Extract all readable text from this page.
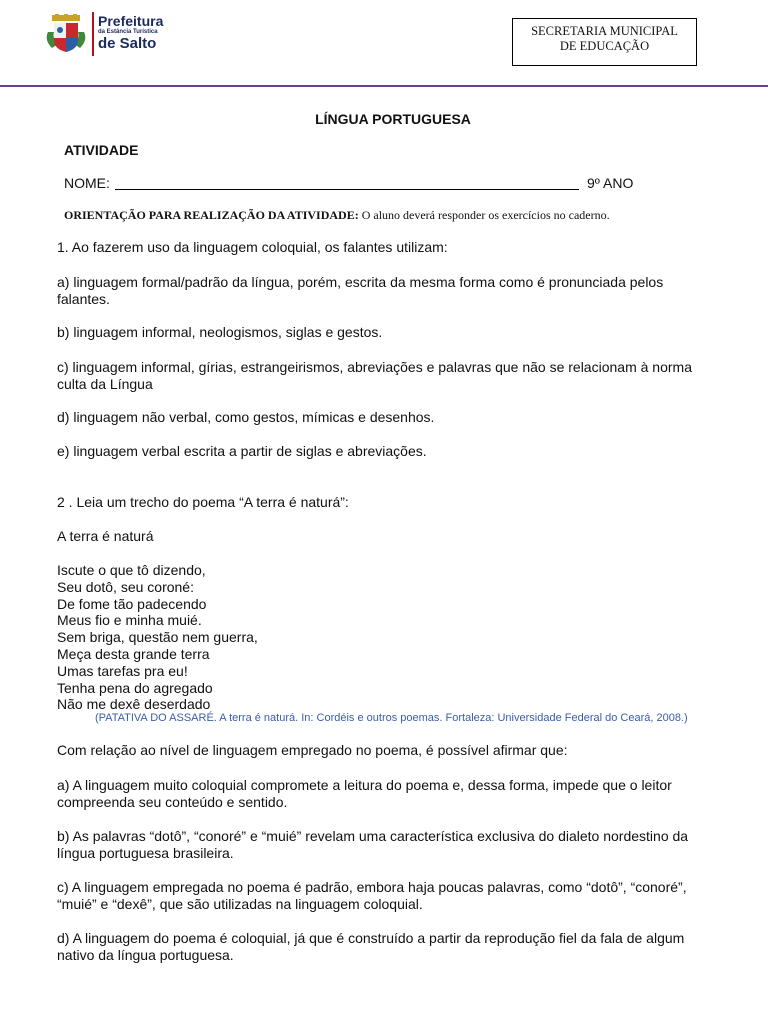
Prefeitura
da Estância Turística
de Salto
SECRETARIA MUNICIPAL
DE EDUCAÇÃO
LÍNGUA PORTUGUESA
ATIVIDADE
NOME:	9º ANO
ORIENTAÇÃO PARA REALIZAÇÃO DA ATIVIDADE: O aluno deverá responder os exercícios no caderno.
1. Ao fazerem uso da linguagem coloquial, os falantes utilizam:
a) linguagem formal/padrão da língua, porém, escrita da mesma forma como é pronunciada pelos falantes.
b) linguagem informal, neologismos, siglas e gestos.
c) linguagem informal, gírias, estrangeirismos, abreviações e palavras que não se relacionam à norma culta da Língua
d) linguagem não verbal, como gestos, mímicas e desenhos.
e) linguagem verbal escrita a partir de siglas e abreviações.
2 . Leia um trecho do poema “A terra é naturá”:
A terra é naturá
Iscute o que tô dizendo,
Seu dotô, seu coroné:
De fome tão padecendo
Meus fio e minha muié.
Sem briga, questão nem guerra,
Meça desta grande terra
Umas tarefas pra eu!
Tenha pena do agregado
Não me dexê deserdado
(PATATIVA DO ASSARÉ. A terra é naturá. In: Cordéis e outros poemas. Fortaleza: Universidade Federal do Ceará, 2008.)
Com relação ao nível de linguagem empregado no poema, é possível afirmar que:
a) A linguagem muito coloquial compromete a leitura do poema e, dessa forma, impede que o leitor compreenda seu conteúdo e sentido.
b) As palavras “dotô”, “conoré” e “muié” revelam uma característica exclusiva do dialeto nordestino da língua portuguesa brasileira.
c) A linguagem empregada no poema é padrão, embora haja poucas palavras, como “dotô”, “conoré”, “muié” e “dexê”, que são utilizadas na linguagem coloquial.
d) A linguagem do poema é coloquial, já que é construído a partir da reprodução fiel da fala de algum nativo da língua portuguesa.
